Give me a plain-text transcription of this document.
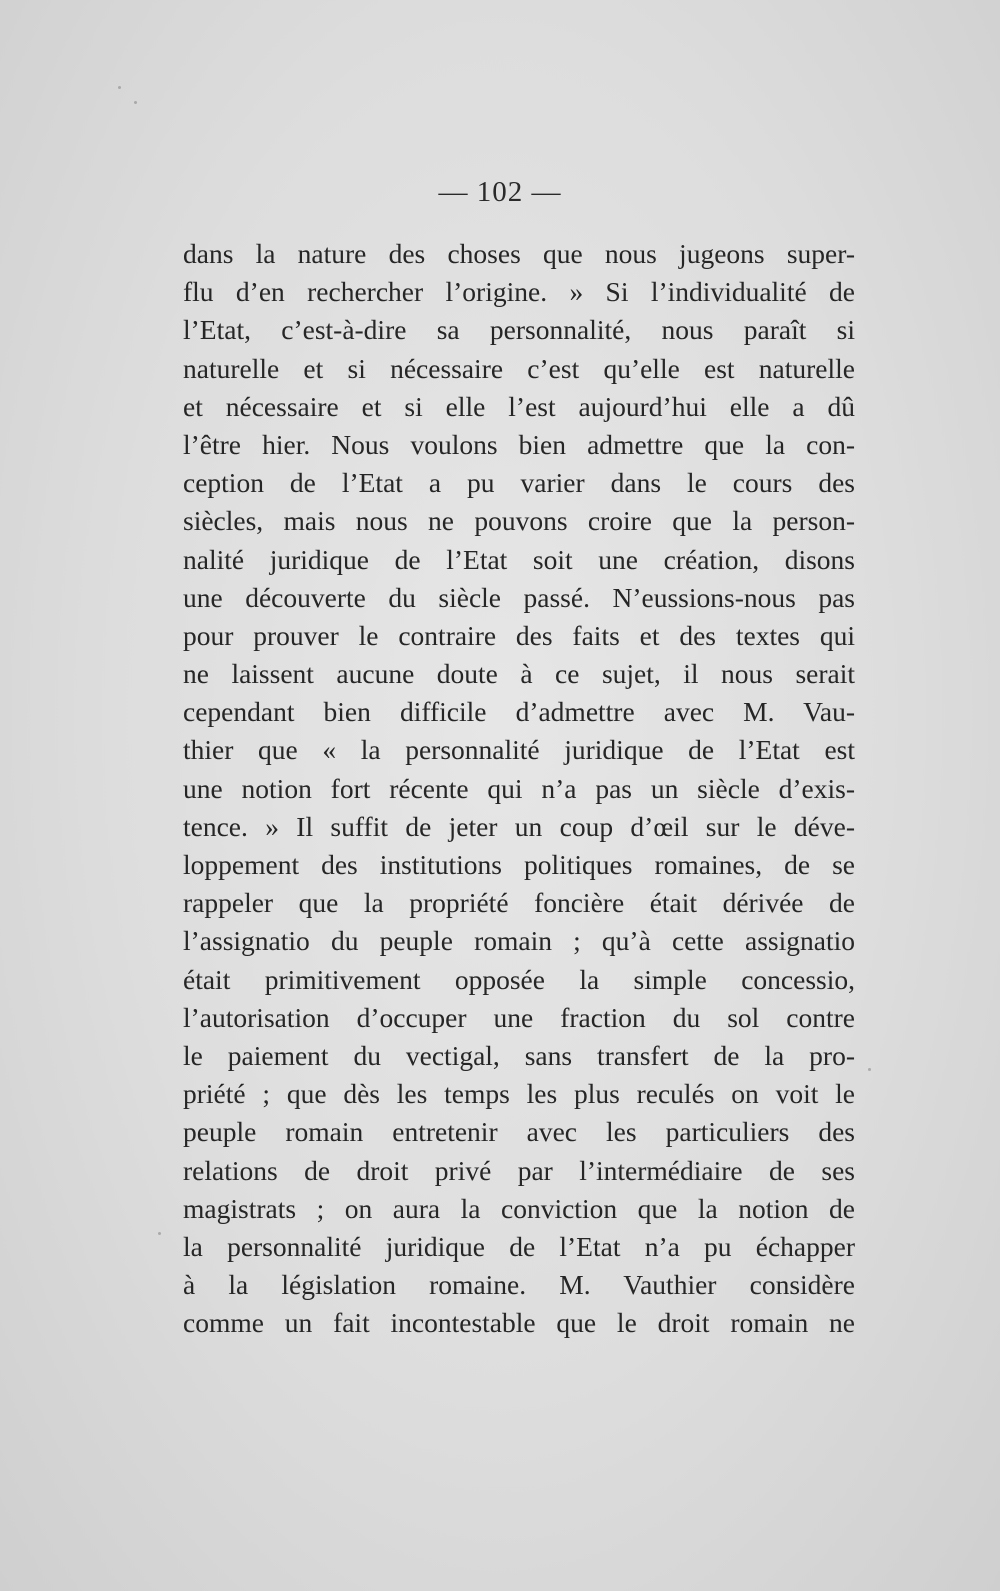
— 102 —
dans la nature des choses que nous jugeons super-
flu d’en rechercher l’origine. » Si l’individualité de
l’Etat, c’est-à-dire sa personnalité, nous paraît si
naturelle et si nécessaire c’est qu’elle est naturelle
et nécessaire et si elle l’est aujourd’hui elle a dû
l’être hier. Nous voulons bien admettre que la con-
ception de l’Etat a pu varier dans le cours des
siècles, mais nous ne pouvons croire que la person-
nalité juridique de l’Etat soit une création, disons
une découverte du siècle passé. N’eussions-nous pas
pour prouver le contraire des faits et des textes qui
ne laissent aucune doute à ce sujet, il nous serait
cependant bien difficile d’admettre avec M. Vau-
thier que « la personnalité juridique de l’Etat est
une notion fort récente qui n’a pas un siècle d’exis-
tence. » Il suffit de jeter un coup d’œil sur le déve-
loppement des institutions politiques romaines, de se
rappeler que la propriété foncière était dérivée de
l’assignatio du peuple romain ; qu’à cette assignatio
était primitivement opposée la simple concessio,
l’autorisation d’occuper une fraction du sol contre
le paiement du vectigal, sans transfert de la pro-
priété ; que dès les temps les plus reculés on voit le
peuple romain entretenir avec les particuliers des
relations de droit privé par l’intermédiaire de ses
magistrats ; on aura la conviction que la notion de
la personnalité juridique de l’Etat n’a pu échapper
à la législation romaine. M. Vauthier considère
comme un fait incontestable que le droit romain ne
